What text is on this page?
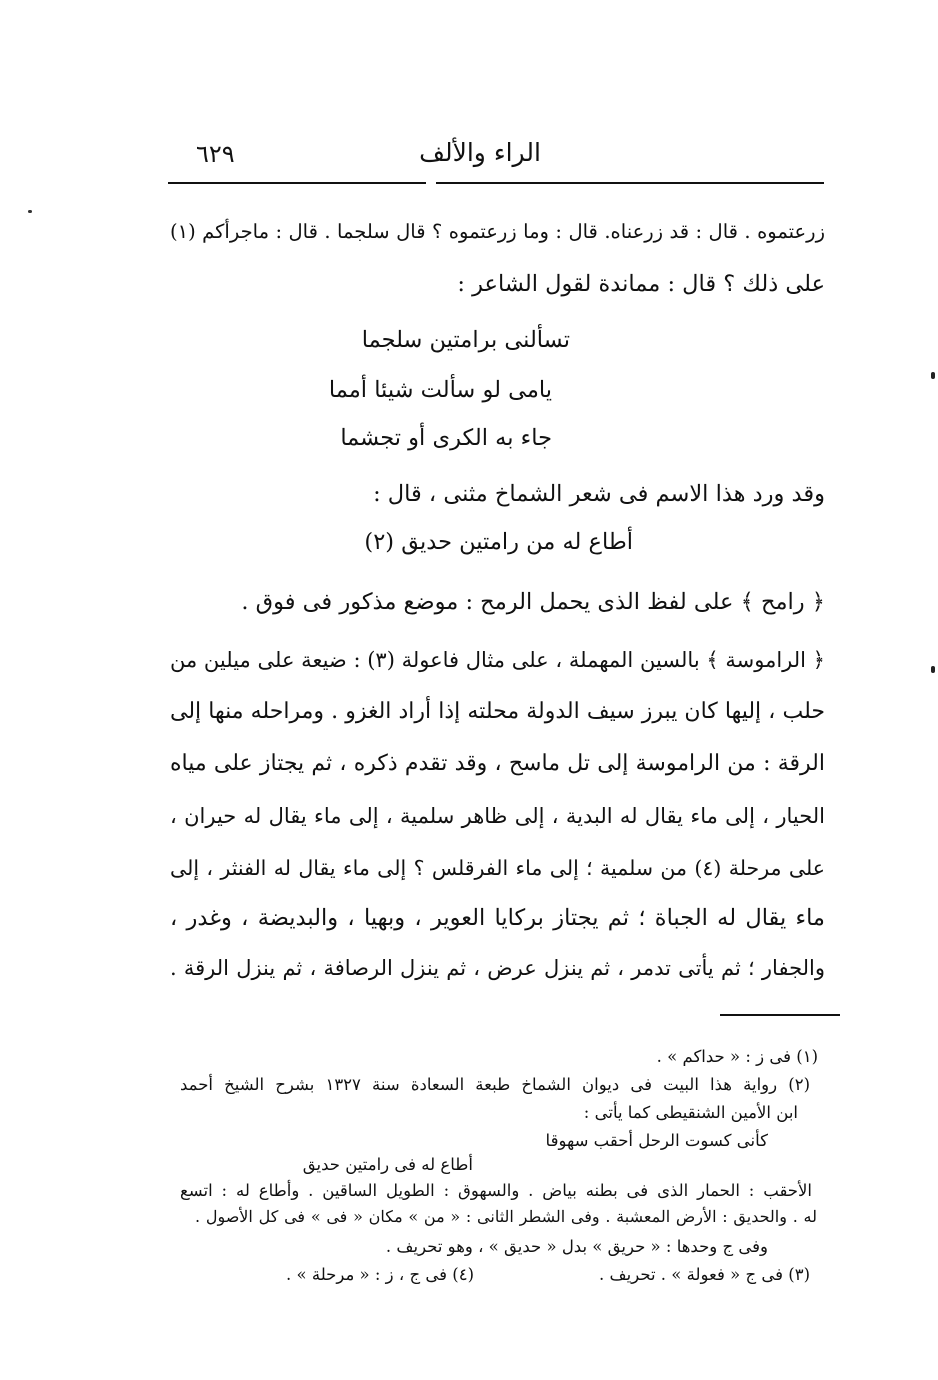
الراء والألف
٦٢٩
زرعتموه . قال : قد زرعناه. قال : وما زرعتموه ؟ قال سلجما . قال : ماجرأكم (١)
على ذلك ؟ قال : مماندة لقول الشاعر :
تسألنى برامتين سلجما
يامى لو سألت شيئا أمما
جاء به الكرى أو تجشما
وقد ورد هذا الاسم فى شعر الشماخ مثنى ، قال :
أطاع له من رامتين حديق (٢)
﴿ رامح ﴾ على لفظ الذى يحمل الرمح : موضع مذكور فى فوق .
﴿ الراموسة ﴾ بالسين المهملة ، على مثال فاعولة (٣) : ضيعة على ميلين من
حلب ، إليها كان يبرز سيف الدولة محلته إذا أراد الغزو . ومراحله منها إلى
الرقة : من الراموسة إلى تل ماسح ، وقد تقدم ذكره ، ثم يجتاز على مياه
الحيار ، إلى ماء يقال له البدية ، إلى ظاهر سلمية ، إلى ماء يقال له حيران ،
على مرحلة (٤) من سلمية ؛ إلى ماء الفرقلس ؟ إلى ماء يقال له الفنثر ، إلى
ماء يقال له الجباة ؛ ثم يجتاز بركايا العوير ، وبهيا ، والبديضة ، وغدر ،
والجفار ؛ ثم يأتى تدمر ، ثم ينزل عرض ، ثم ينزل الرصافة ، ثم ينزل الرقة .
(١) فى ز : « حداكم » .
(٢) رواية هذا البيت فى ديوان الشماخ طبعة السعادة سنة ١٣٢٧ بشرح الشيخ أحمد
ابن الأمين الشنقيطى كما يأتى :
كأنى كسوت الرحل أحقب سهوقا
أطاع له فى رامتين حديق
الأحقب : الحمار الذى فى بطنه بياض . والسهوق : الطويل الساقين . وأطاع له : اتسع
له . والحديق : الأرض المعشبة . وفى الشطر الثانى : « من » مكان « فى » فى كل الأصول .
وفى ج وحدها : « حريق » بدل « حديق » ، وهو تحريف .
(٣) فى ج « فعولة » . تحريف .
(٤) فى ج ، ز : « مرحلة » .
